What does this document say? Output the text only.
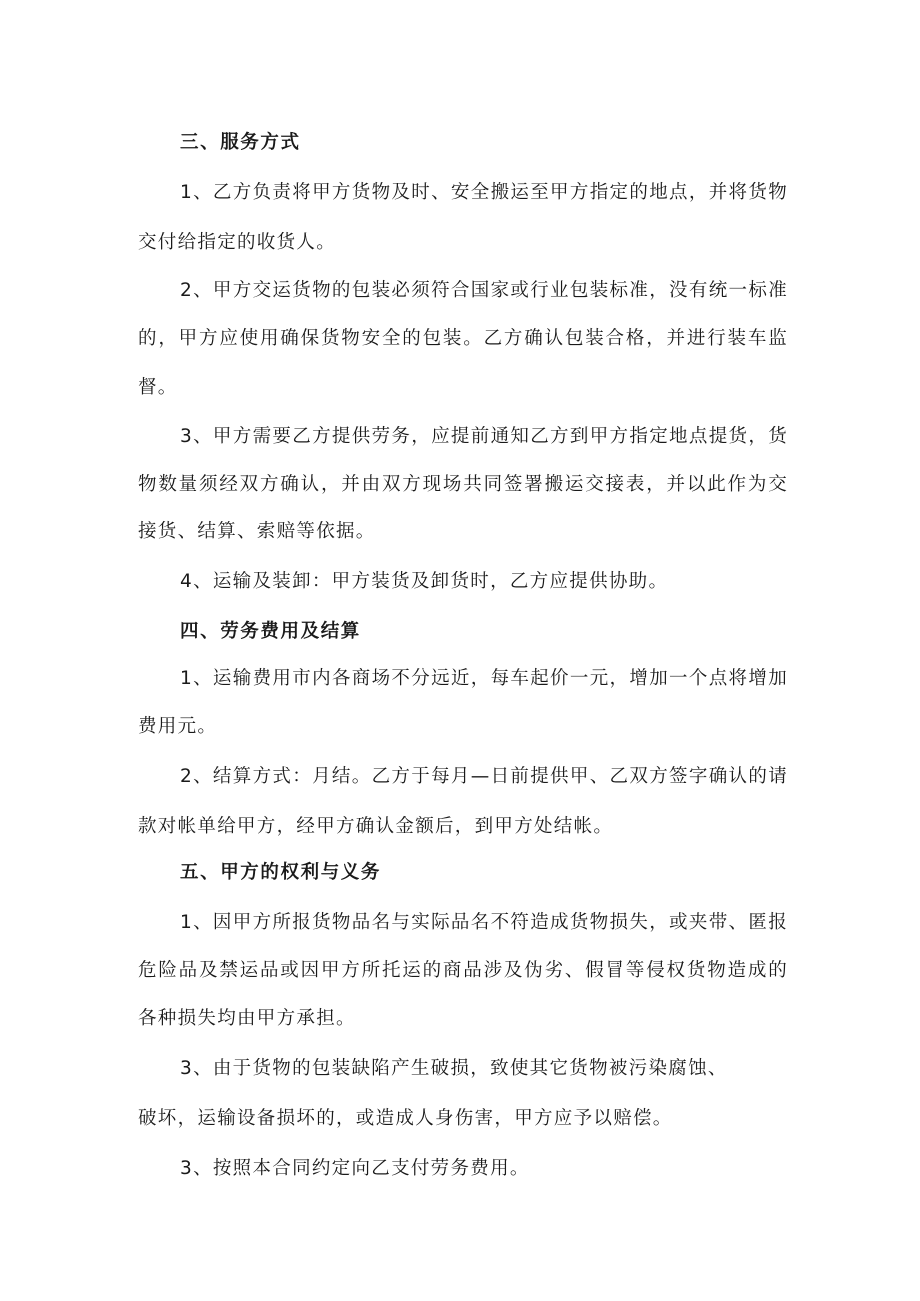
三、服务方式
1、乙方负责将甲方货物及时、安全搬运至甲方指定的地点，并将货物
交付给指定的收货人。
2、甲方交运货物的包装必须符合国家或行业包装标准，没有统一标准
的，甲方应使用确保货物安全的包装。乙方确认包装合格，并进行装车监
督。
3、甲方需要乙方提供劳务，应提前通知乙方到甲方指定地点提货，货
物数量须经双方确认，并由双方现场共同签署搬运交接表，并以此作为交
接货、结算、索赔等依据。
4、运输及装卸：甲方装货及卸货时，乙方应提供协助。
四、劳务费用及结算
1、运输费用市内各商场不分远近，每车起价一元，增加一个点将增加
费用元。
2、结算方式：月结。乙方于每月—日前提供甲、乙双方签字确认的请
款对帐单给甲方，经甲方确认金额后，到甲方处结帐。
五、甲方的权利与义务
1、因甲方所报货物品名与实际品名不符造成货物损失，或夹带、匿报
危险品及禁运品或因甲方所托运的商品涉及伪劣、假冒等侵权货物造成的
各种损失均由甲方承担。
3、由于货物的包装缺陷产生破损，致使其它货物被污染腐蚀、
破坏，运输设备损坏的，或造成人身伤害，甲方应予以赔偿。
3、按照本合同约定向乙支付劳务费用。
